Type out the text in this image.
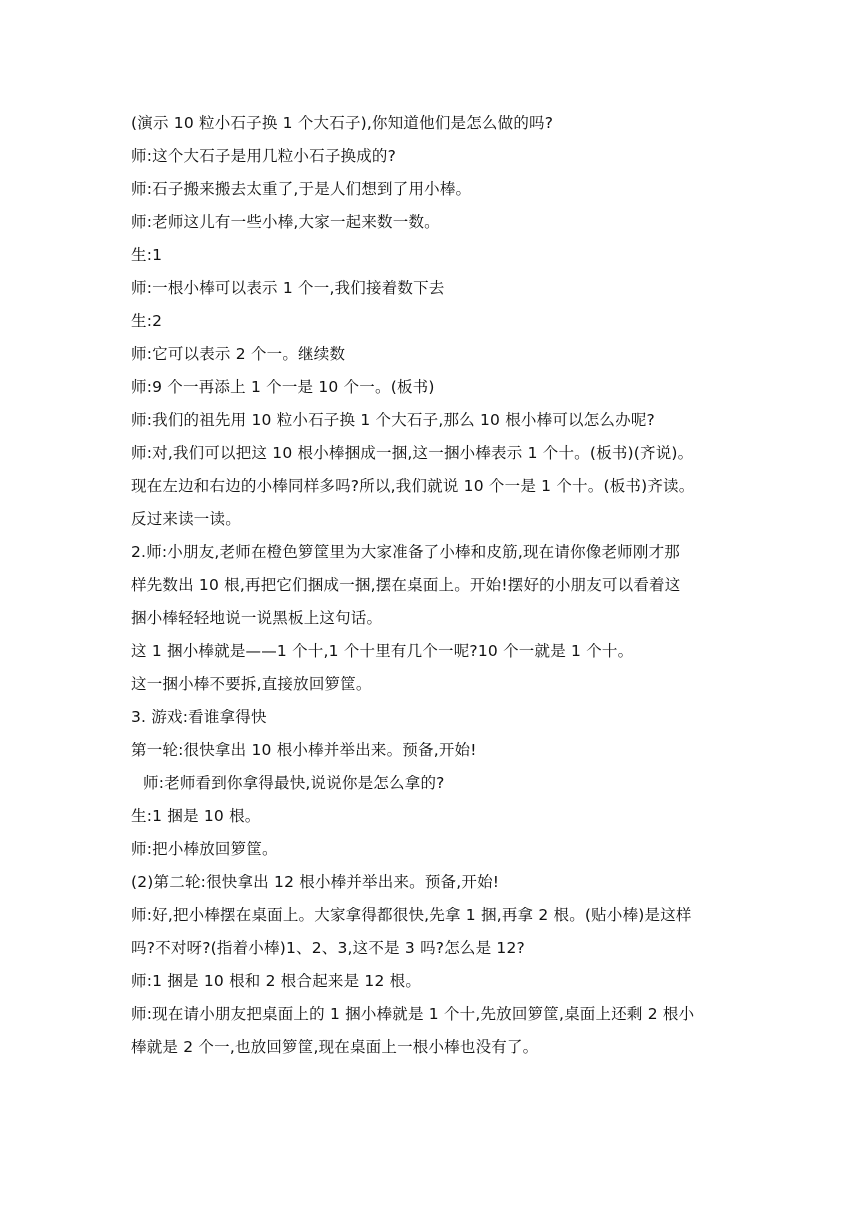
(演示 10 粒小石子换 1 个大石子),你知道他们是怎么做的吗?
师:这个大石子是用几粒小石子换成的?
师:石子搬来搬去太重了,于是人们想到了用小棒。
师:老师这儿有一些小棒,大家一起来数一数。
生:1
师:一根小棒可以表示 1 个一,我们接着数下去
生:2
师:它可以表示 2 个一。继续数
师:9 个一再添上 1 个一是 10 个一。(板书)
师:我们的祖先用 10 粒小石子换 1 个大石子,那么 10 根小棒可以怎么办呢?
师:对,我们可以把这 10 根小棒捆成一捆,这一捆小棒表示 1 个十。(板书)(齐说)。
现在左边和右边的小棒同样多吗?所以,我们就说 10 个一是 1 个十。(板书)齐读。
反过来读一读。
2.师:小朋友,老师在橙色箩筐里为大家准备了小棒和皮筋,现在请你像老师刚才那
样先数出 10 根,再把它们捆成一捆,摆在桌面上。开始!摆好的小朋友可以看着这
捆小棒轻轻地说一说黑板上这句话。
这 1 捆小棒就是——1 个十,1 个十里有几个一呢?10 个一就是 1 个十。
这一捆小棒不要拆,直接放回箩筐。
3. 游戏:看谁拿得快
第一轮:很快拿出 10 根小棒并举出来。预备,开始!
师:老师看到你拿得最快,说说你是怎么拿的?
生:1 捆是 10 根。
师:把小棒放回箩筐。
(2)第二轮:很快拿出 12 根小棒并举出来。预备,开始!
师:好,把小棒摆在桌面上。大家拿得都很快,先拿 1 捆,再拿 2 根。(贴小棒)是这样
吗?不对呀?(指着小棒)1、2、3,这不是 3 吗?怎么是 12?
师:1 捆是 10 根和 2 根合起来是 12 根。
师:现在请小朋友把桌面上的 1 捆小棒就是 1 个十,先放回箩筐,桌面上还剩 2 根小
棒就是 2 个一,也放回箩筐,现在桌面上一根小棒也没有了。
